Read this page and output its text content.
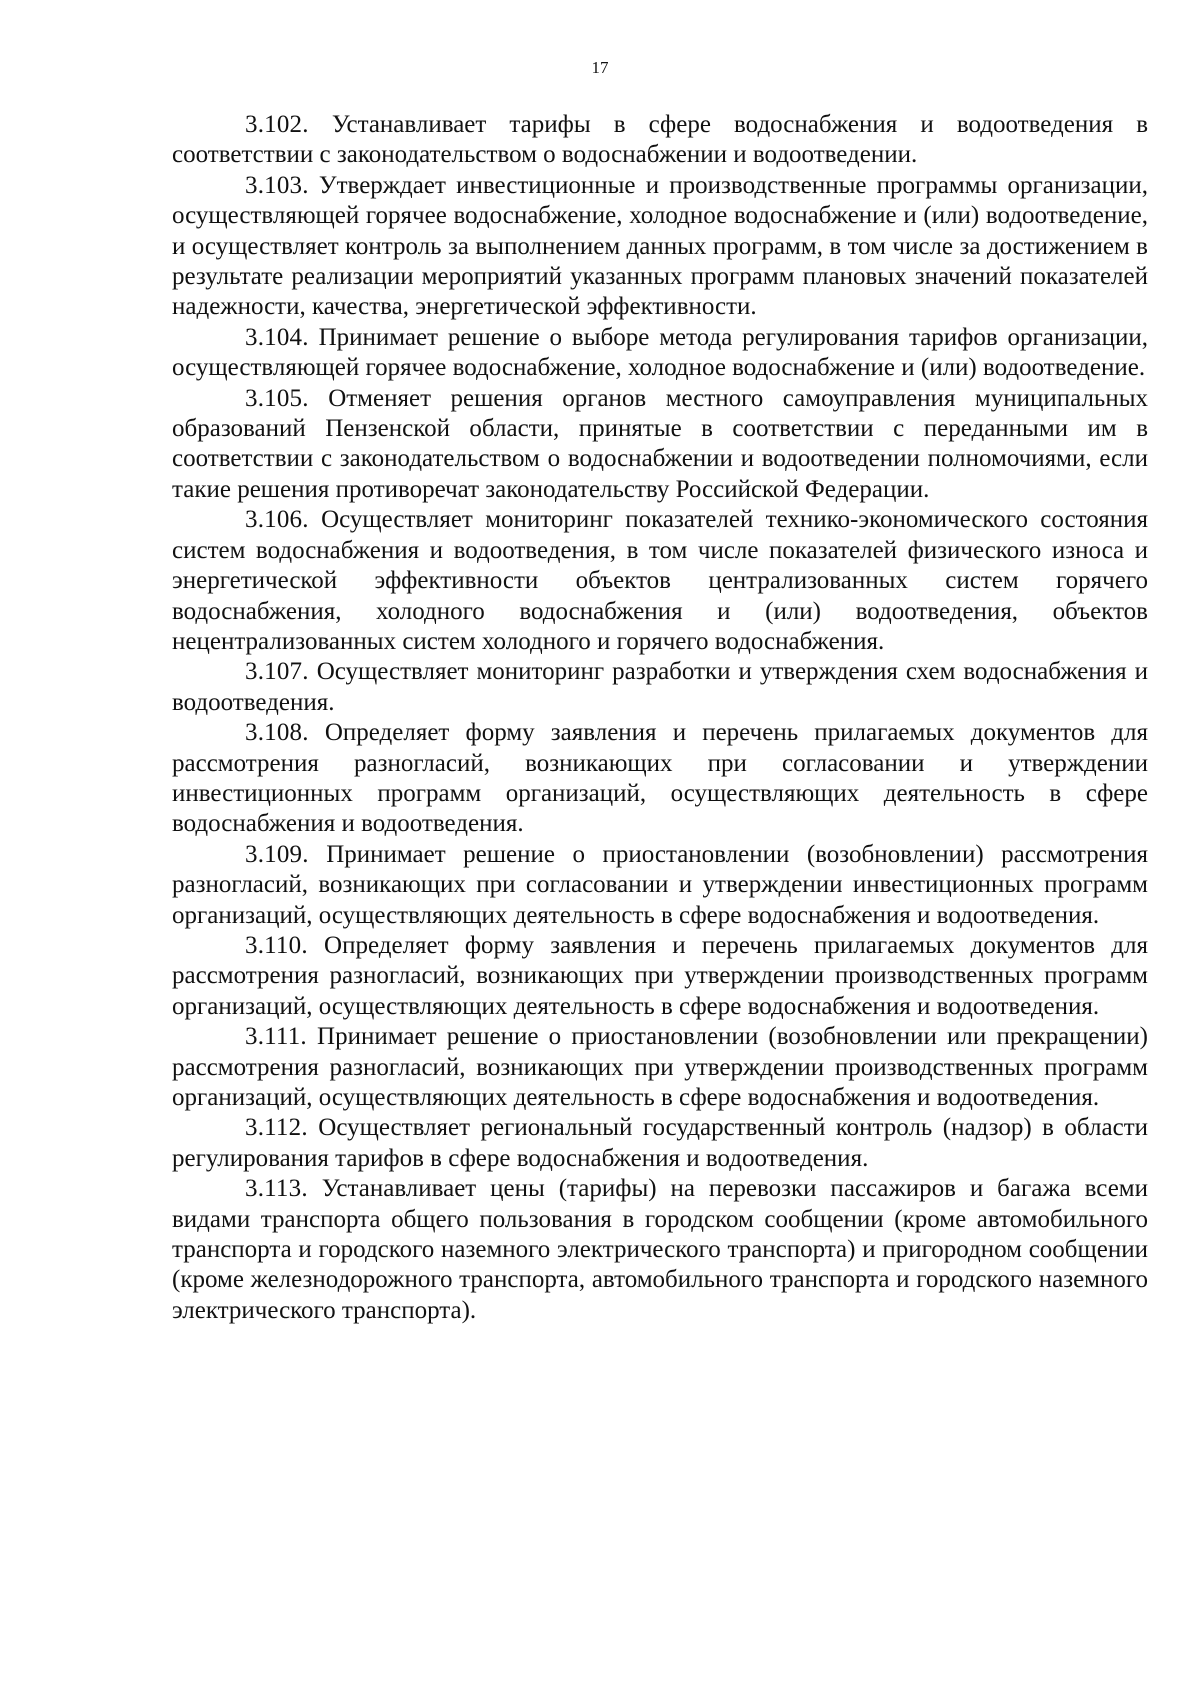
17

3.102. Устанавливает тарифы в сфере водоснабжения и водоотведения в соответствии с законодательством о водоснабжении и водоотведении.

3.103. Утверждает инвестиционные и производственные программы организации, осуществляющей горячее водоснабжение, холодное водоснабжение и (или) водоотведение, и осуществляет контроль за выполнением данных программ, в том числе за достижением в результате реализации мероприятий указанных программ плановых значений показателей надежности, качества, энергетической эффективности.

3.104. Принимает решение о выборе метода регулирования тарифов организации, осуществляющей горячее водоснабжение, холодное водоснабжение и (или) водоотведение.

3.105. Отменяет решения органов местного самоуправления муниципальных образований Пензенской области, принятые в соответствии с переданными им в соответствии с законодательством о водоснабжении и водоотведении полномочиями, если такие решения противоречат законодательству Российской Федерации.

3.106. Осуществляет мониторинг показателей технико-экономического состояния систем водоснабжения и водоотведения, в том числе показателей физического износа и энергетической эффективности объектов централизованных систем горячего водоснабжения, холодного водоснабжения и (или) водоотведения, объектов нецентрализованных систем холодного и горячего водоснабжения.

3.107. Осуществляет мониторинг разработки и утверждения схем водоснабжения и водоотведения.

3.108. Определяет форму заявления и перечень прилагаемых документов для рассмотрения разногласий, возникающих при согласовании и утверждении инвестиционных программ организаций, осуществляющих деятельность в сфере водоснабжения и водоотведения.

3.109. Принимает решение о приостановлении (возобновлении) рассмотрения разногласий, возникающих при согласовании и утверждении инвестиционных программ организаций, осуществляющих деятельность в сфере водоснабжения и водоотведения.

3.110. Определяет форму заявления и перечень прилагаемых документов для рассмотрения разногласий, возникающих при утверждении производственных программ организаций, осуществляющих деятельность в сфере водоснабжения и водоотведения.

3.111. Принимает решение о приостановлении (возобновлении или прекращении) рассмотрения разногласий, возникающих при утверждении производственных программ организаций, осуществляющих деятельность в сфере водоснабжения и водоотведения.

3.112. Осуществляет региональный государственный контроль (надзор) в области регулирования тарифов в сфере водоснабжения и водоотведения.

3.113. Устанавливает цены (тарифы) на перевозки пассажиров и багажа всеми видами транспорта общего пользования в городском сообщении (кроме автомобильного транспорта и городского наземного электрического транспорта) и пригородном сообщении (кроме железнодорожного транспорта, автомобильного транспорта и городского наземного электрического транспорта).
